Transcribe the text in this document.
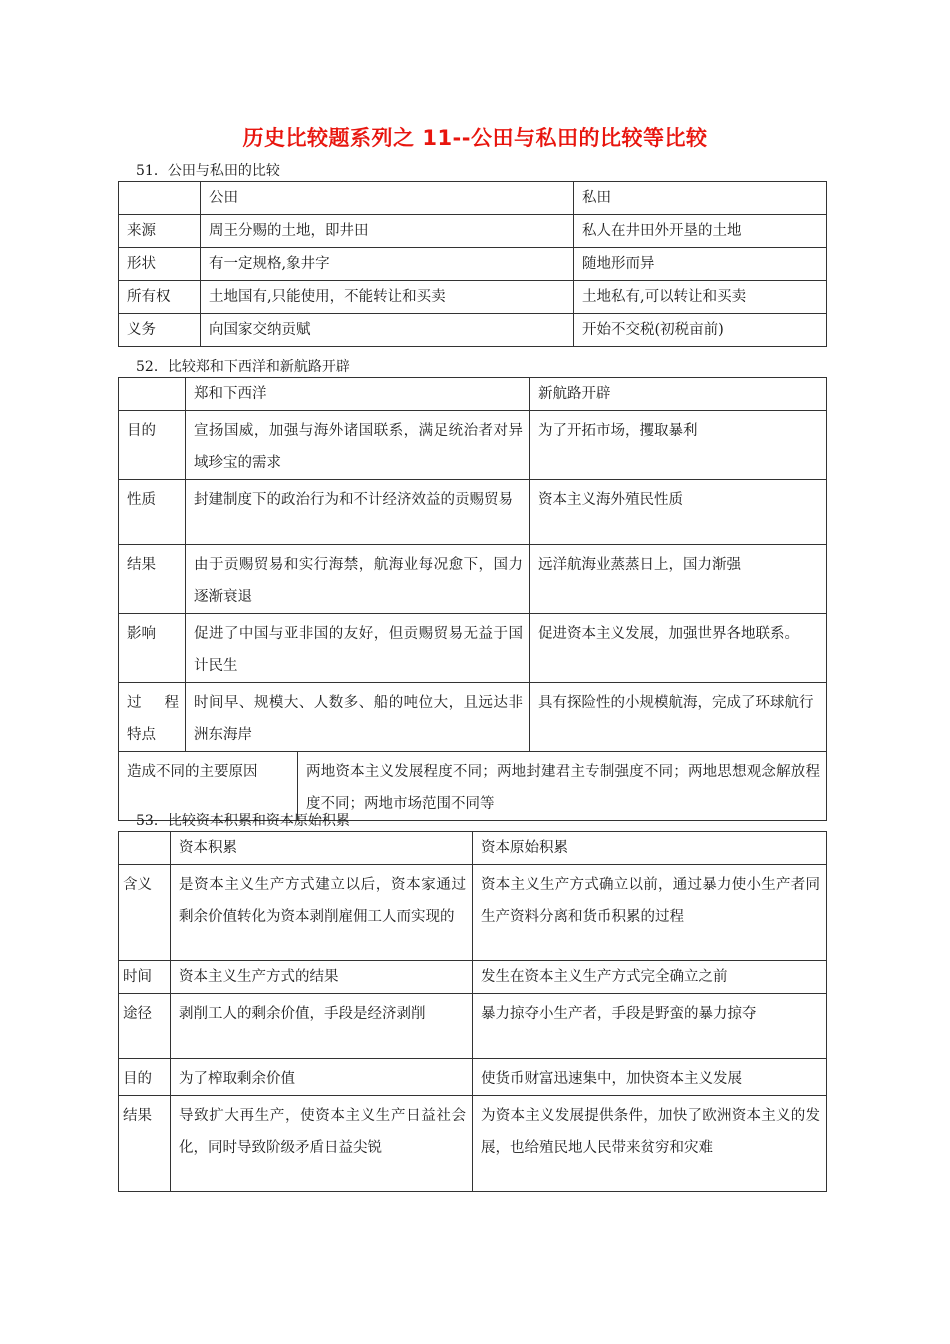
历史比较题系列之 11--公田与私田的比较等比较
51．公田与私田的比较
	公田	私田
来源	周王分赐的土地，即井田	私人在井田外开垦的土地
形状	有一定规格,象井字	随地形而异
所有权	土地国有,只能使用，不能转让和买卖	土地私有,可以转让和买卖
义务	向国家交纳贡赋	开始不交税(初税亩前)
52．比较郑和下西洋和新航路开辟
	郑和下西洋		新航路开辟
目的	宣扬国威，加强与海外诸国联系，满足统治者对异域珍宝的需求		为了开拓市场，攫取暴利

性质	封建制度下的政治行为和不计经济效益的贡赐贸易		资本主义海外殖民性质

结果	由于贡赐贸易和实行海禁，航海业每况愈下，国力逐渐衰退		远洋航海业蒸蒸日上，国力渐强

影响	促进了中国与亚非国的友好，但贡赐贸易无益于国计民生		促进资本主义发展，加强世界各地联系。

过　程特点	时间早、规模大、人数多、船的吨位大，且远达非洲东海岸		具有探险性的小规模航海，完成了环球航行

造成不同的主要原因		两地资本主义发展程度不同；两地封建君主专制强度不同；两地思想观念解放程度不同；两地市场范围不同等	
53．比较资本积累和资本原始积累
	资本积累	资本原始积累
含义	是资本主义生产方式建立以后，资本家通过剩余价值转化为资本剥削雇佣工人而实现的	资本主义生产方式确立以前，通过暴力使小生产者同生产资料分离和货币积累的过程

时间	资本主义生产方式的结果	发生在资本主义生产方式完全确立之前
途径	剥削工人的剩余价值，手段是经济剥削	暴力掠夺小生产者，手段是野蛮的暴力掠夺

目的	为了榨取剩余价值	使货币财富迅速集中，加快资本主义发展
结果	导致扩大再生产，使资本主义生产日益社会化，同时导致阶级矛盾日益尖锐	为资本主义发展提供条件，加快了欧洲资本主义的发展，也给殖民地人民带来贫穷和灾难
